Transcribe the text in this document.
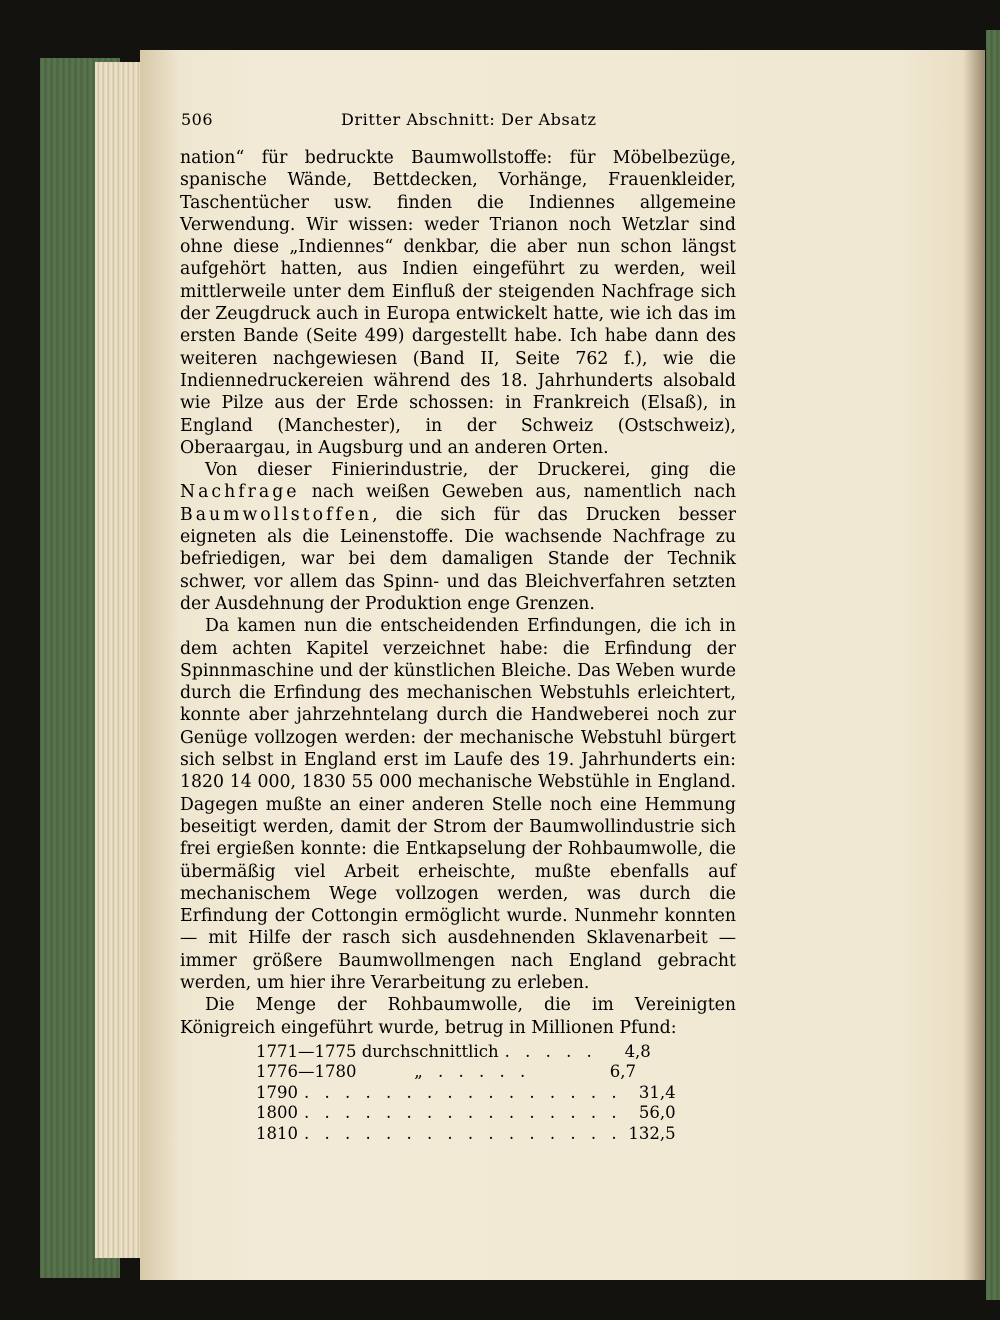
506	Dritter Abschnitt: Der Absatz

nation“ für bedruckte Baumwollstoffe: für Möbelbezüge, spanische Wände, Bettdecken, Vorhänge, Frauenkleider, Taschentücher usw. finden die Indiennes allgemeine Verwendung. Wir wissen: weder Trianon noch Wetzlar sind ohne diese „Indiennes“ denkbar, die aber nun schon längst aufgehört hatten, aus Indien eingeführt zu werden, weil mittlerweile unter dem Einfluß der steigenden Nachfrage sich der Zeugdruck auch in Europa entwickelt hatte, wie ich das im ersten Bande (Seite 499) dargestellt habe. Ich habe dann des weiteren nachgewiesen (Band II, Seite 762 f.), wie die Indiennedruckereien während des 18. Jahrhunderts alsobald wie Pilze aus der Erde schossen: in Frankreich (Elsaß), in England (Manchester), in der Schweiz (Ostschweiz), Oberaargau, in Augsburg und an anderen Orten.

Von dieser Finierindustrie, der Druckerei, ging die Nachfrage nach weißen Geweben aus, namentlich nach Baumwollstoffen, die sich für das Drucken besser eigneten als die Leinenstoffe. Die wachsende Nachfrage zu befriedigen, war bei dem damaligen Stande der Technik schwer, vor allem das Spinn- und das Bleichverfahren setzten der Ausdehnung der Produktion enge Grenzen.

Da kamen nun die entscheidenden Erfindungen, die ich in dem achten Kapitel verzeichnet habe: die Erfindung der Spinnmaschine und der künstlichen Bleiche. Das Weben wurde durch die Erfindung des mechanischen Webstuhls erleichtert, konnte aber jahrzehntelang durch die Handweberei noch zur Genüge vollzogen werden: der mechanische Webstuhl bürgert sich selbst in England erst im Laufe des 19. Jahrhunderts ein: 1820 14 000, 1830 55 000 mechanische Webstühle in England. Dagegen mußte an einer anderen Stelle noch eine Hemmung beseitigt werden, damit der Strom der Baumwollindustrie sich frei ergießen konnte: die Entkapselung der Rohbaumwolle, die übermäßig viel Arbeit erheischte, mußte ebenfalls auf mechanischem Wege vollzogen werden, was durch die Erfindung der Cottongin ermöglicht wurde. Nunmehr konnten — mit Hilfe der rasch sich ausdehnenden Sklavenarbeit — immer größere Baumwollmengen nach England gebracht werden, um hier ihre Verarbeitung zu erleben.

Die Menge der Rohbaumwolle, die im Vereinigten Königreich eingeführt wurde, betrug in Millionen Pfund:

1771—1775 durchschnittlich . . . . .	4,8
1776—1780	„ . . . . .	6,7
1790 . . . . . . . . . . . . . . . .	31,4
1800 . . . . . . . . . . . . . . . .	56,0
1810 . . . . . . . . . . . . . . . . 132,5
